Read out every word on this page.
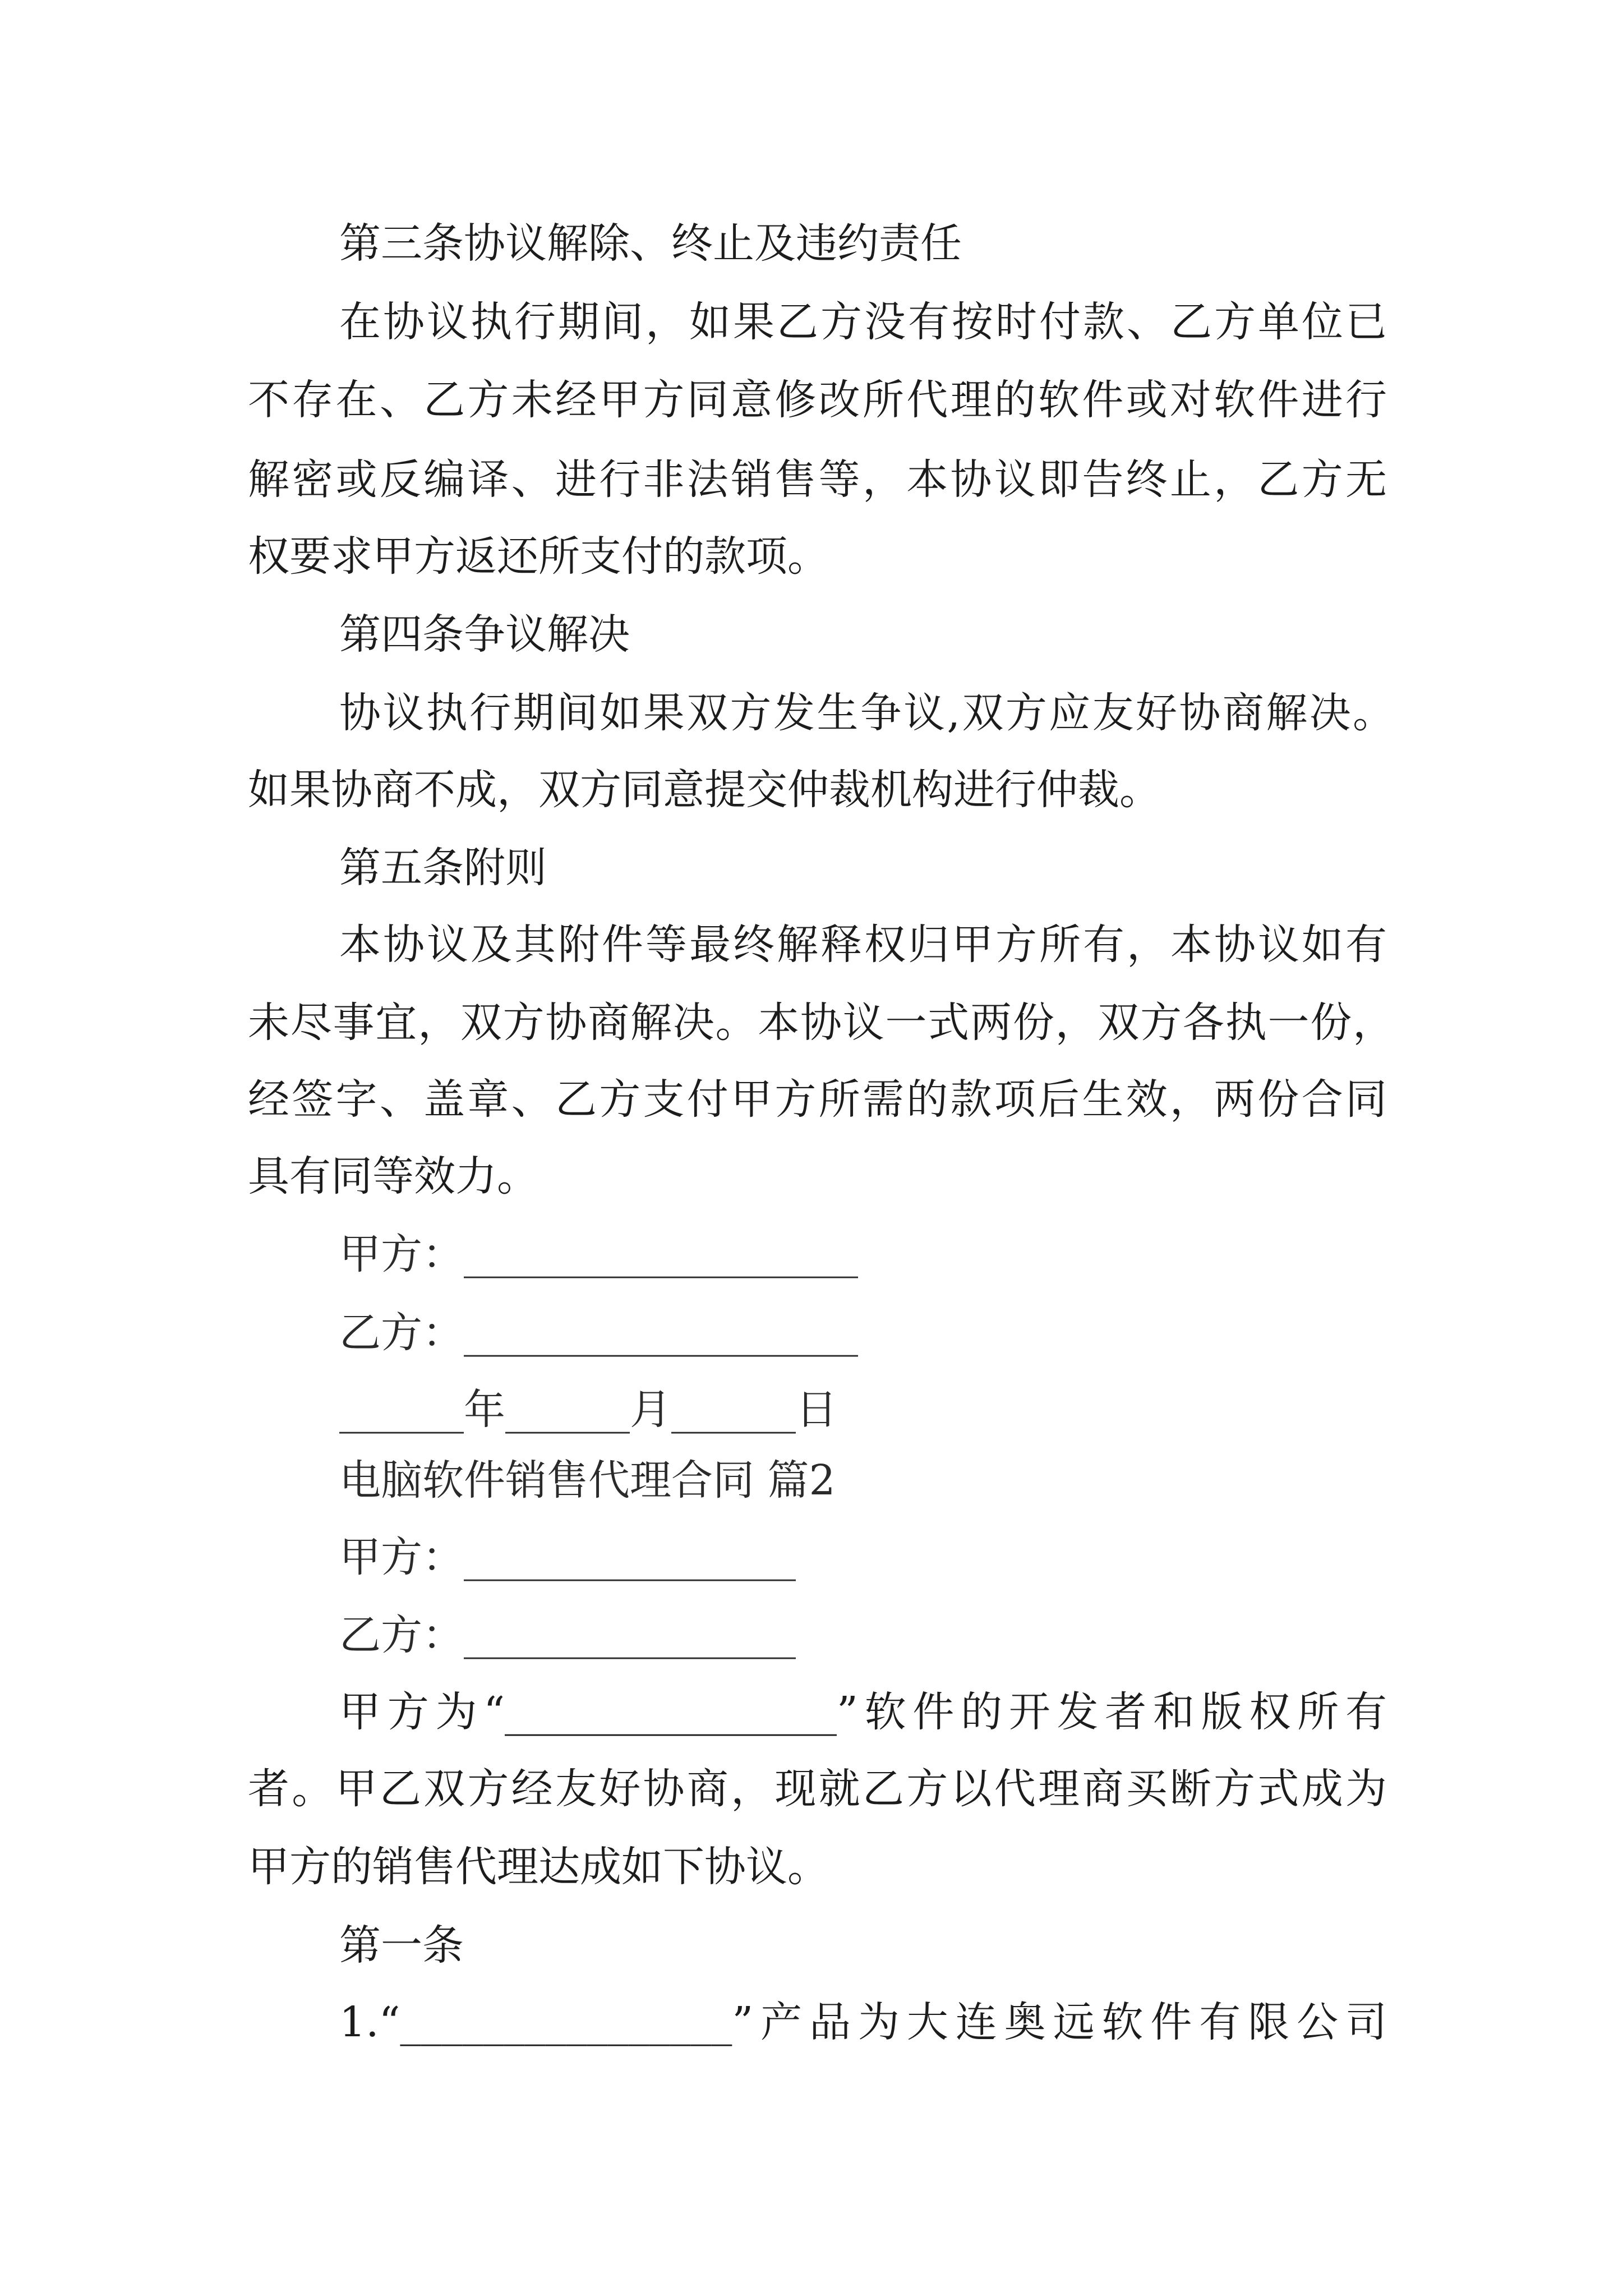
第三条协议解除、终止及违约责任
在协议执行期间，如果乙方没有按时付款、乙方单位已
不存在、乙方未经甲方同意修改所代理的软件或对软件进行
解密或反编译、进行非法销售等，本协议即告终止，乙方无
权要求甲方返还所支付的款项。
第四条争议解决
协议执行期间如果双方发生争议,双方应友好协商解决。
如果协商不成，双方同意提交仲裁机构进行仲裁。
第五条附则
本协议及其附件等最终解释权归甲方所有，本协议如有
未尽事宜，双方协商解决。本协议一式两份，双方各执一份，
经签字、盖章、乙方支付甲方所需的款项后生效，两份合同
具有同等效力。
甲方：___________________
乙方：___________________
______年______月______日
电脑软件销售代理合同 篇2
甲方：________________
乙方：________________
甲方为“________________”软件的开发者和版权所有
者。甲乙双方经友好协商，现就乙方以代理商买断方式成为
甲方的销售代理达成如下协议。
第一条
1.“________________”产品为大连奥远软件有限公司
